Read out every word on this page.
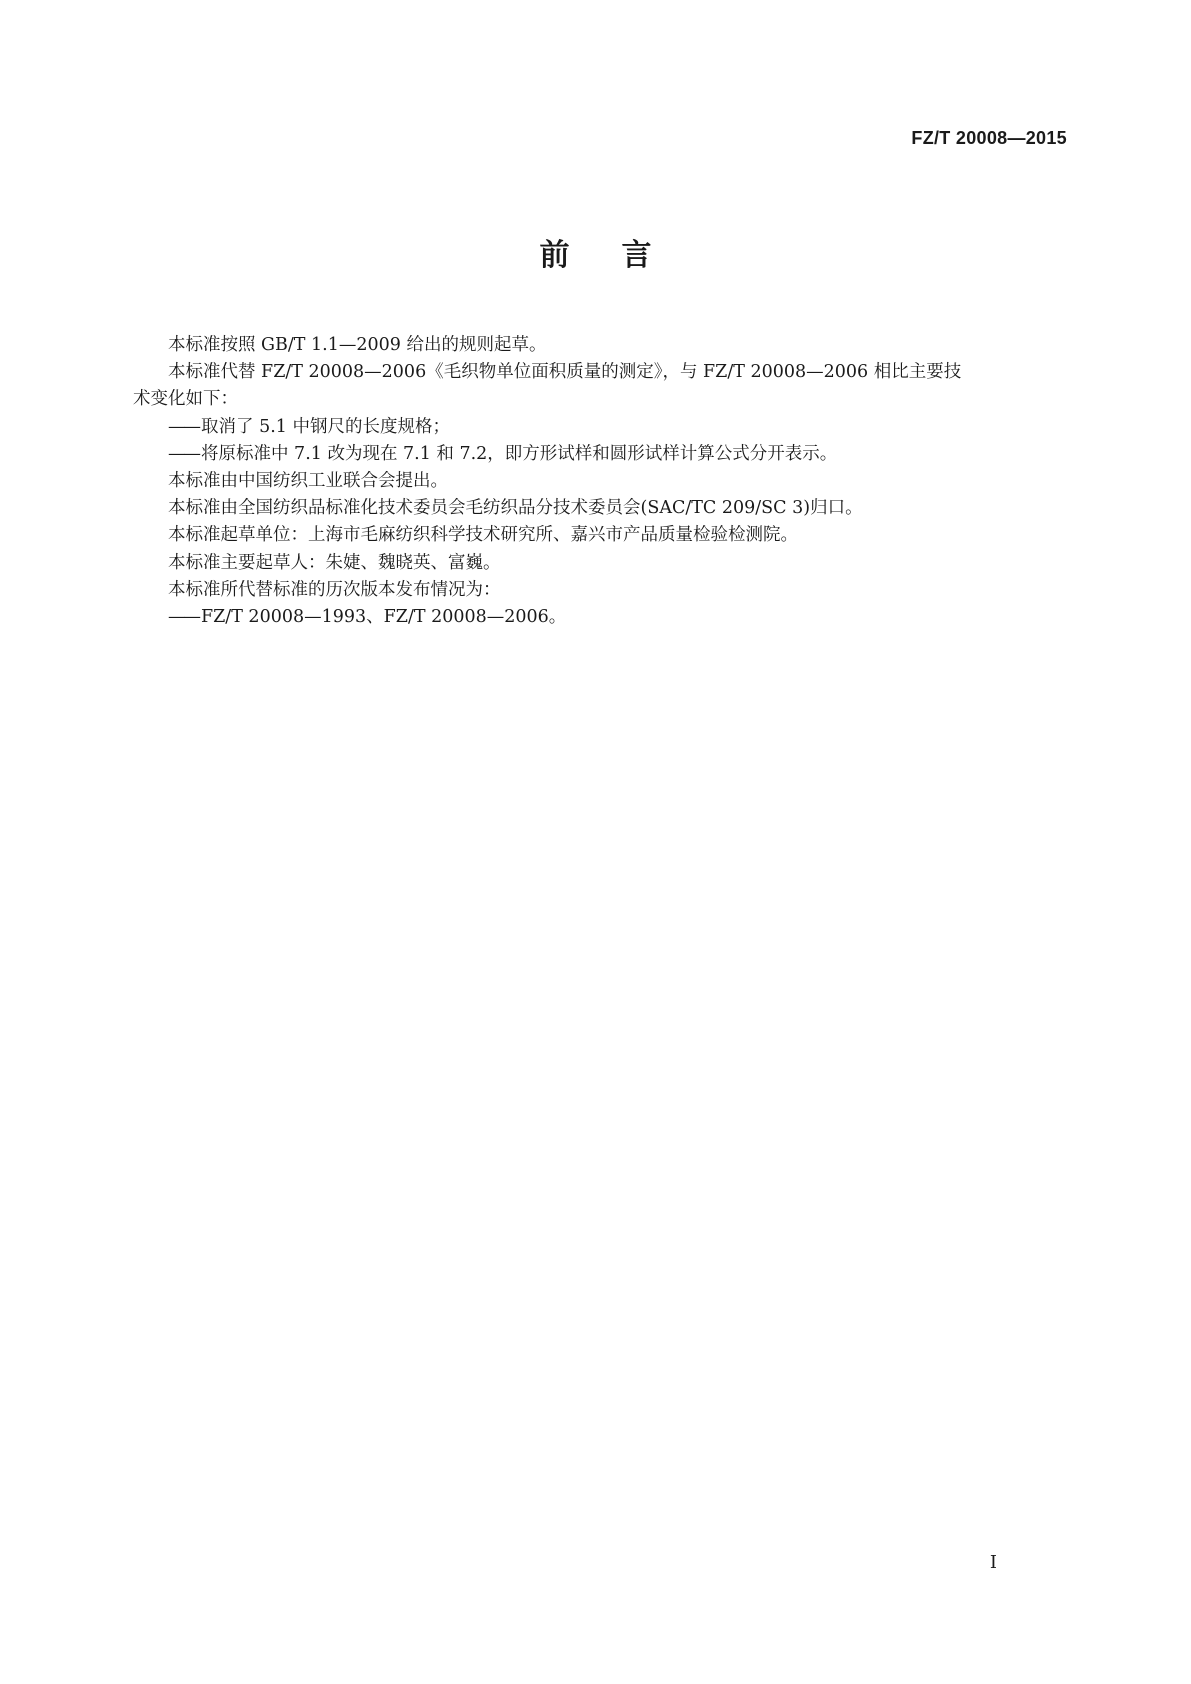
FZ/T 20008—2015
前言

本标准按照 GB/T 1.1—2009 给出的规则起草。

本标准代替 FZ/T 20008—2006《毛织物单位面积质量的测定》，与 FZ/T 20008—2006 相比主要技

术变化如下：

—— 取消了 5.1 中钢尺的长度规格；

—— 将原标准中 7.1 改为现在 7.1 和 7.2，即方形试样和圆形试样计算公式分开表示。

本标准由中国纺织工业联合会提出。

本标准由全国纺织品标准化技术委员会毛纺织品分技术委员会(SAC/TC 209/SC 3)归口。

本标准起草单位：上海市毛麻纺织科学技术研究所、嘉兴市产品质量检验检测院。

本标准主要起草人：朱婕、魏晓英、富巍。

本标准所代替标准的历次版本发布情况为：

—— FZ/T 20008—1993、FZ/T 20008—2006。

I
